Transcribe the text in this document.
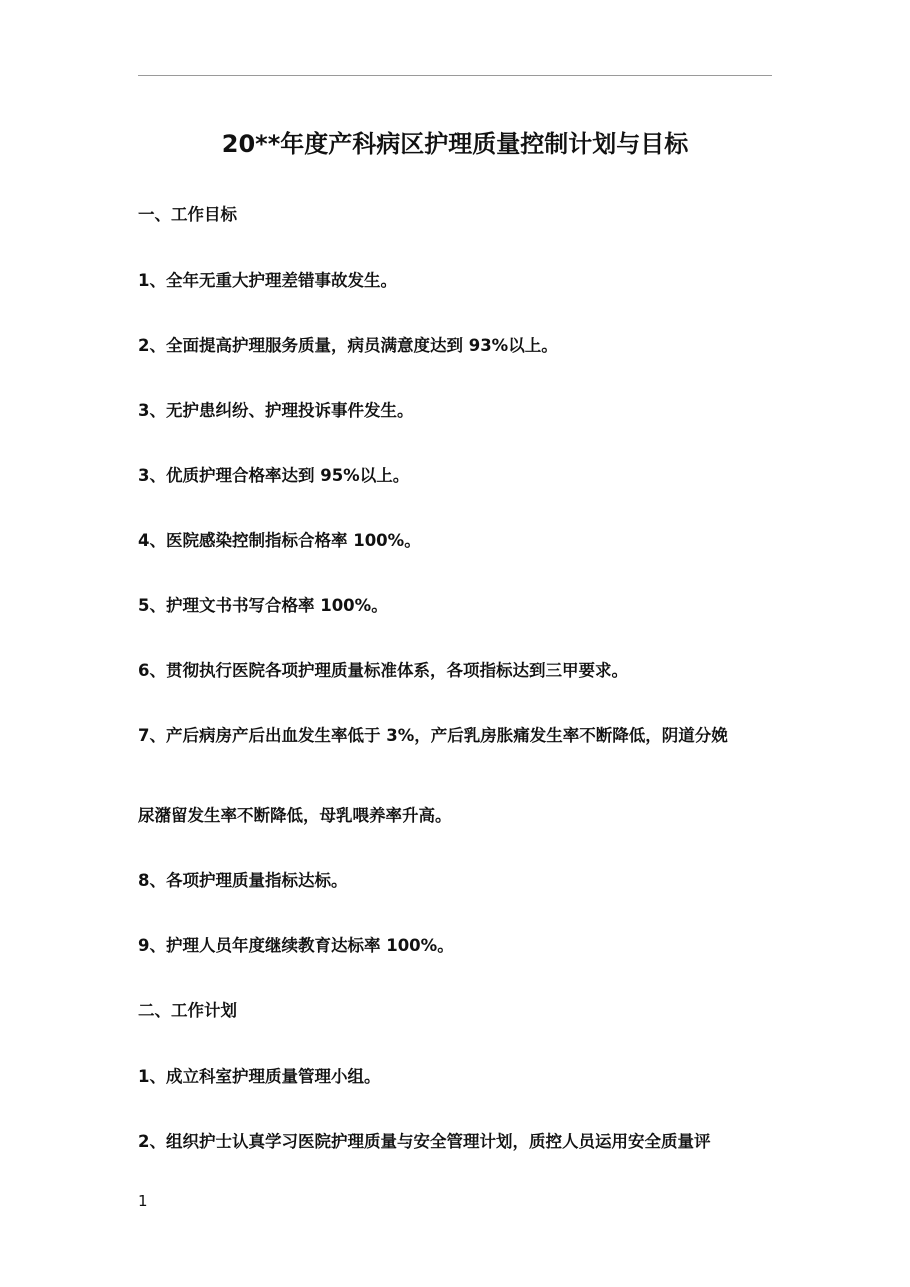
20**年度产科病区护理质量控制计划与目标
一、工作目标
1、全年无重大护理差错事故发生。
2、全面提高护理服务质量，病员满意度达到 93%以上。
3、无护患纠纷、护理投诉事件发生。
3、优质护理合格率达到 95%以上。
4、医院感染控制指标合格率 100%。
5、护理文书书写合格率 100%。
6、贯彻执行医院各项护理质量标准体系，各项指标达到三甲要求。
7、产后病房产后出血发生率低于 3%，产后乳房胀痛发生率不断降低，阴道分娩
尿潴留发生率不断降低，母乳喂养率升高。
8、各项护理质量指标达标。
9、护理人员年度继续教育达标率 100%。
二、工作计划
1、成立科室护理质量管理小组。
2、组织护士认真学习医院护理质量与安全管理计划，质控人员运用安全质量评
1
